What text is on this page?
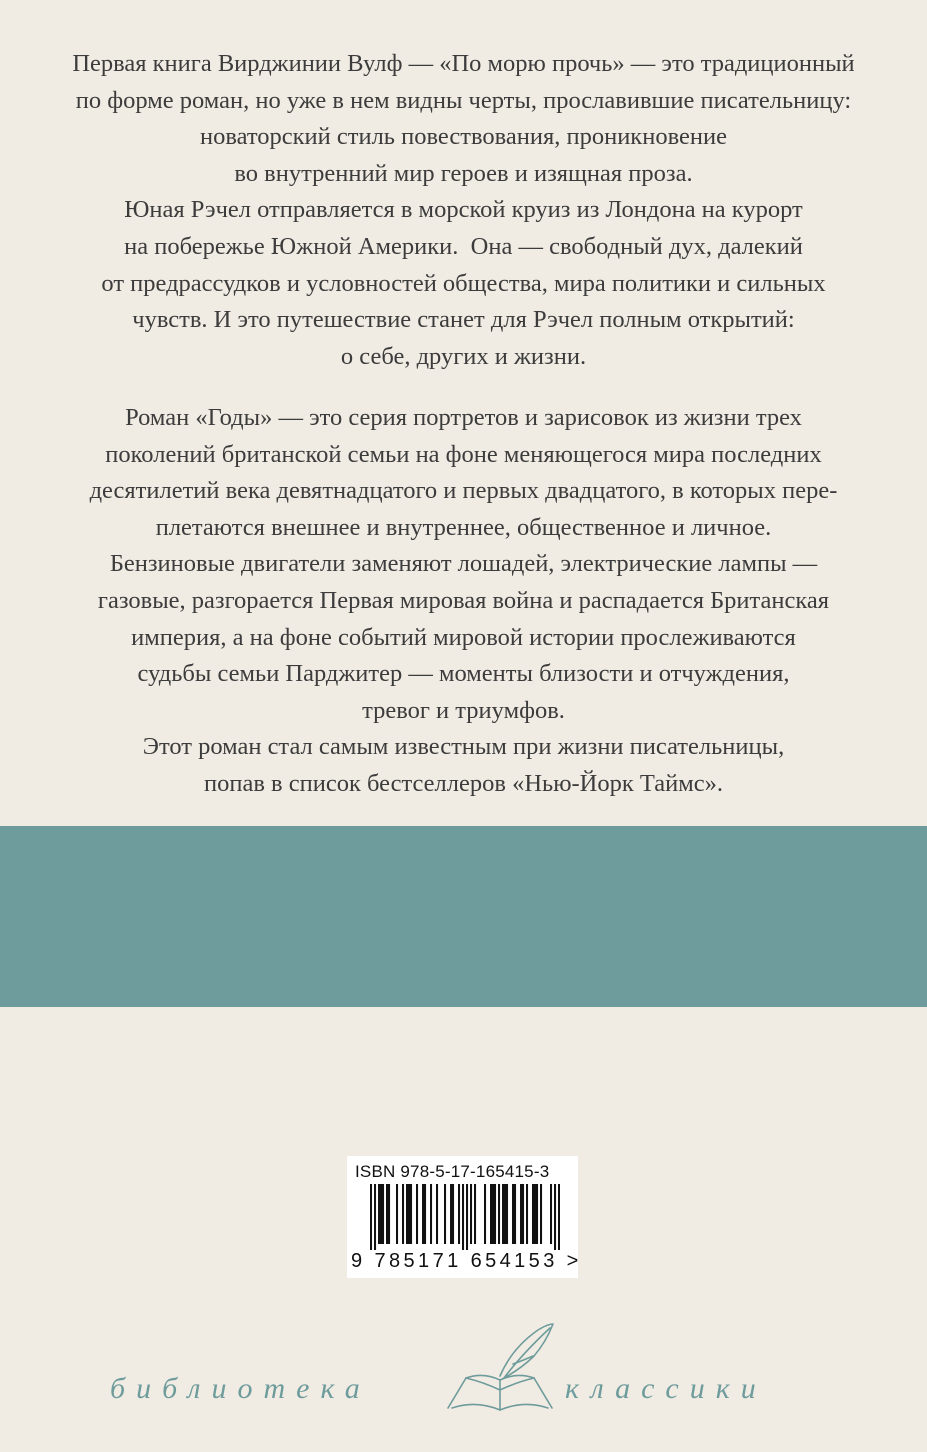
Первая книга Вирджинии Вулф — «По морю прочь» — это традиционный
по форме роман, но уже в нем видны черты, прославившие писательницу:
новаторский стиль повествования, проникновение
во внутренний мир героев и изящная проза.
Юная Рэчел отправляется в морской круиз из Лондона на курорт
на побережье Южной Америки.  Она — свободный дух, далекий
от предрассудков и условностей общества, мира политики и сильных
чувств. И это путешествие станет для Рэчел полным открытий:
о себе, других и жизни.
Роман «Годы» — это серия портретов и зарисовок из жизни трех
поколений британской семьи на фоне меняющегося мира последних
десятилетий века девятнадцатого и первых двадцатого, в которых пере-
плетаются внешнее и внутреннее, общественное и личное.
Бензиновые двигатели заменяют лошадей, электрические лампы —
газовые, разгорается Первая мировая война и распадается Британская
империя, а на фоне событий мировой истории прослеживаются
судьбы семьи Парджитер — моменты близости и отчуждения,
тревог и триумфов.
Этот роман стал самым известным при жизни писательницы,
попав в список бестселлеров «Нью-Йорк Таймс».
ISBN 978-5-17-165415-3
9 785171 654153 >
библиотека	классики
